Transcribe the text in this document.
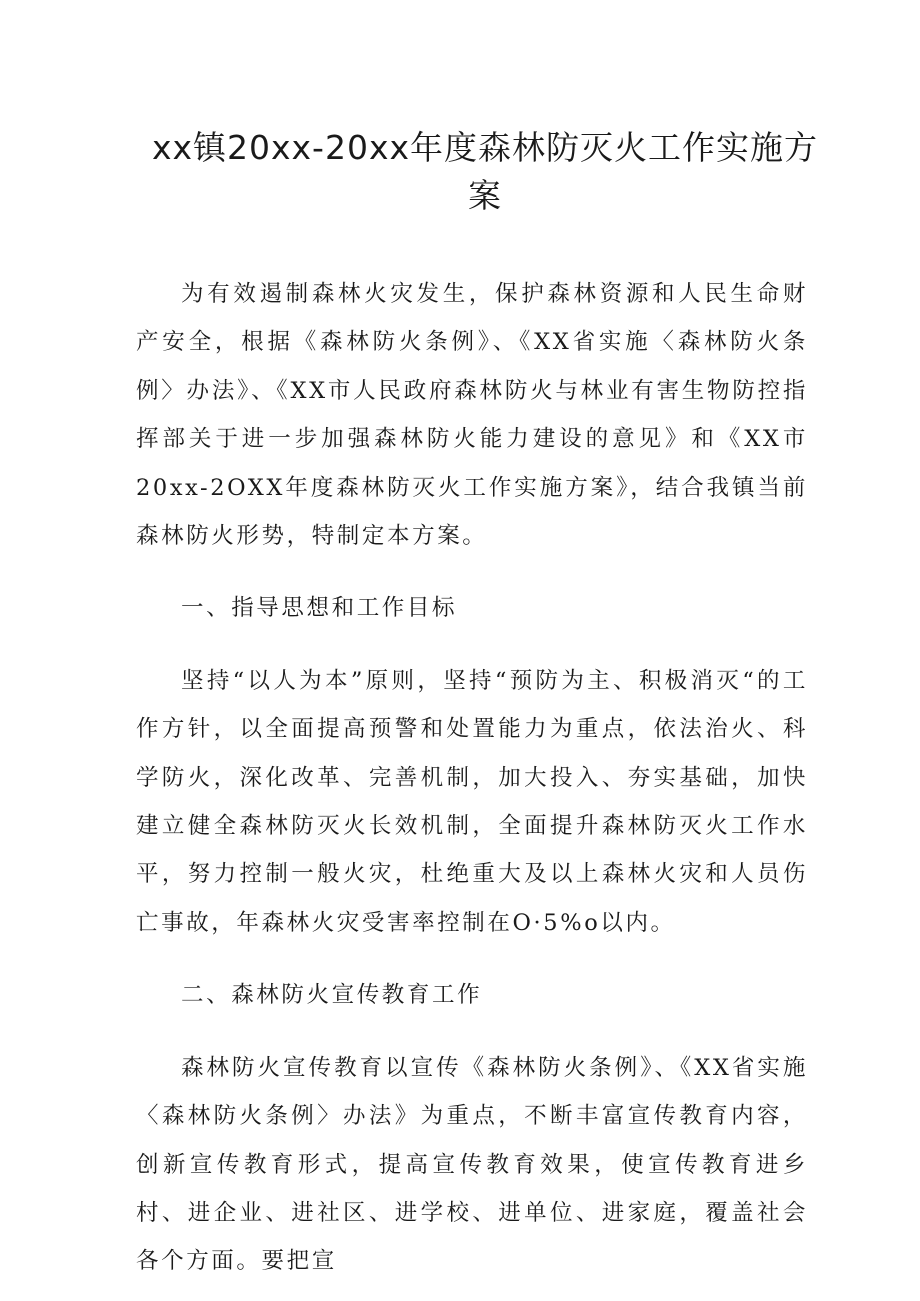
xx镇20xx-20xx年度森林防灭火工作实施方案

为有效遏制森林火灾发生，保护森林资源和人民生命财产安全，根据《森林防火条例》、《XX省实施〈森林防火条例〉办法》、《XX市人民政府森林防火与林业有害生物防控指挥部关于进一步加强森林防火能力建设的意见》和《XX市20xx-2OXX年度森林防灭火工作实施方案》，结合我镇当前森林防火形势，特制定本方案。

一、指导思想和工作目标

坚持“以人为本”原则，坚持“预防为主、积极消灭“的工作方针，以全面提高预警和处置能力为重点，依法治火、科学防火，深化改革、完善机制，加大投入、夯实基础，加快建立健全森林防灭火长效机制，全面提升森林防灭火工作水平，努力控制一般火灾，杜绝重大及以上森林火灾和人员伤亡事故，年森林火灾受害率控制在O·5%o以内。

二、森林防火宣传教育工作

森林防火宣传教育以宣传《森林防火条例》、《XX省实施〈森林防火条例〉办法》为重点，不断丰富宣传教育内容，创新宣传教育形式，提高宣传教育效果，使宣传教育进乡村、进企业、进社区、进学校、进单位、进家庭，覆盖社会各个方面。要把宣
